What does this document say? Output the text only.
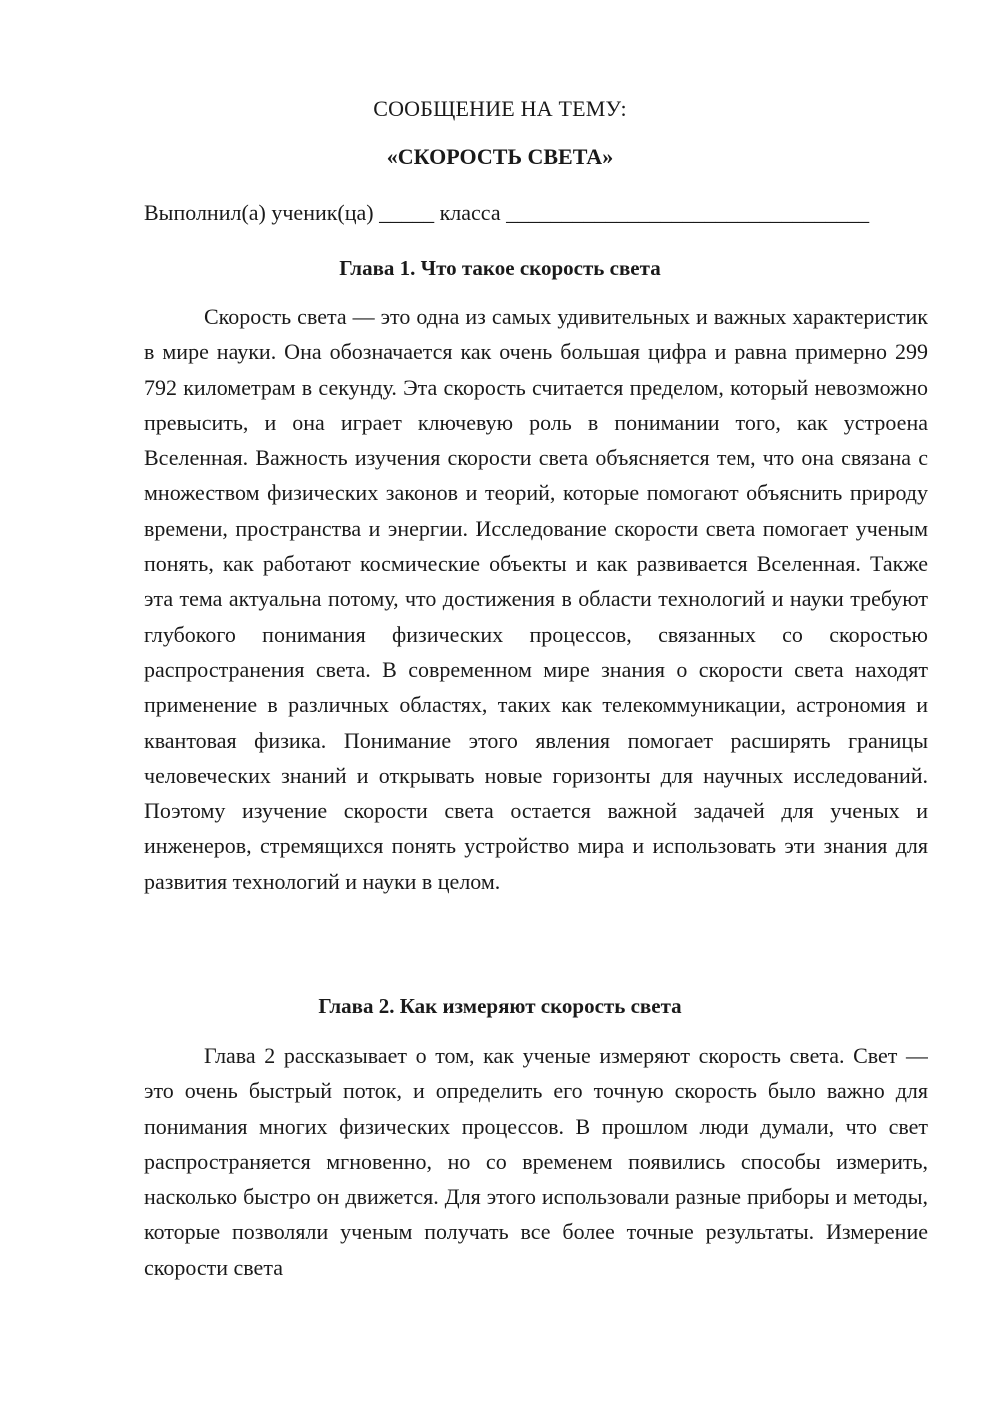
СООБЩЕНИЕ НА ТЕМУ:
«СКОРОСТЬ СВЕТА»
Выполнил(а) ученик(ца) _____ класса _________________________________
Глава 1. Что такое скорость света
Скорость света — это одна из самых удивительных и важных характеристик в мире науки. Она обозначается как очень большая цифра и равна примерно 299 792 километрам в секунду. Эта скорость считается пределом, который невозможно превысить, и она играет ключевую роль в понимании того, как устроена Вселенная. Важность изучения скорости света объясняется тем, что она связана с множеством физических законов и теорий, которые помогают объяснить природу времени, пространства и энергии. Исследование скорости света помогает ученым понять, как работают космические объекты и как развивается Вселенная. Также эта тема актуальна потому, что достижения в области технологий и науки требуют глубокого понимания физических процессов, связанных со скоростью распространения света. В современном мире знания о скорости света находят применение в различных областях, таких как телекоммуникации, астрономия и квантовая физика. Понимание этого явления помогает расширять границы человеческих знаний и открывать новые горизонты для научных исследований. Поэтому изучение скорости света остается важной задачей для ученых и инженеров, стремящихся понять устройство мира и использовать эти знания для развития технологий и науки в целом.
Глава 2. Как измеряют скорость света
Глава 2 рассказывает о том, как ученые измеряют скорость света. Свет — это очень быстрый поток, и определить его точную скорость было важно для понимания многих физических процессов. В прошлом люди думали, что свет распространяется мгновенно, но со временем появились способы измерить, насколько быстро он движется. Для этого использовали разные приборы и методы, которые позволяли ученым получать все более точные результаты. Измерение скорости света
